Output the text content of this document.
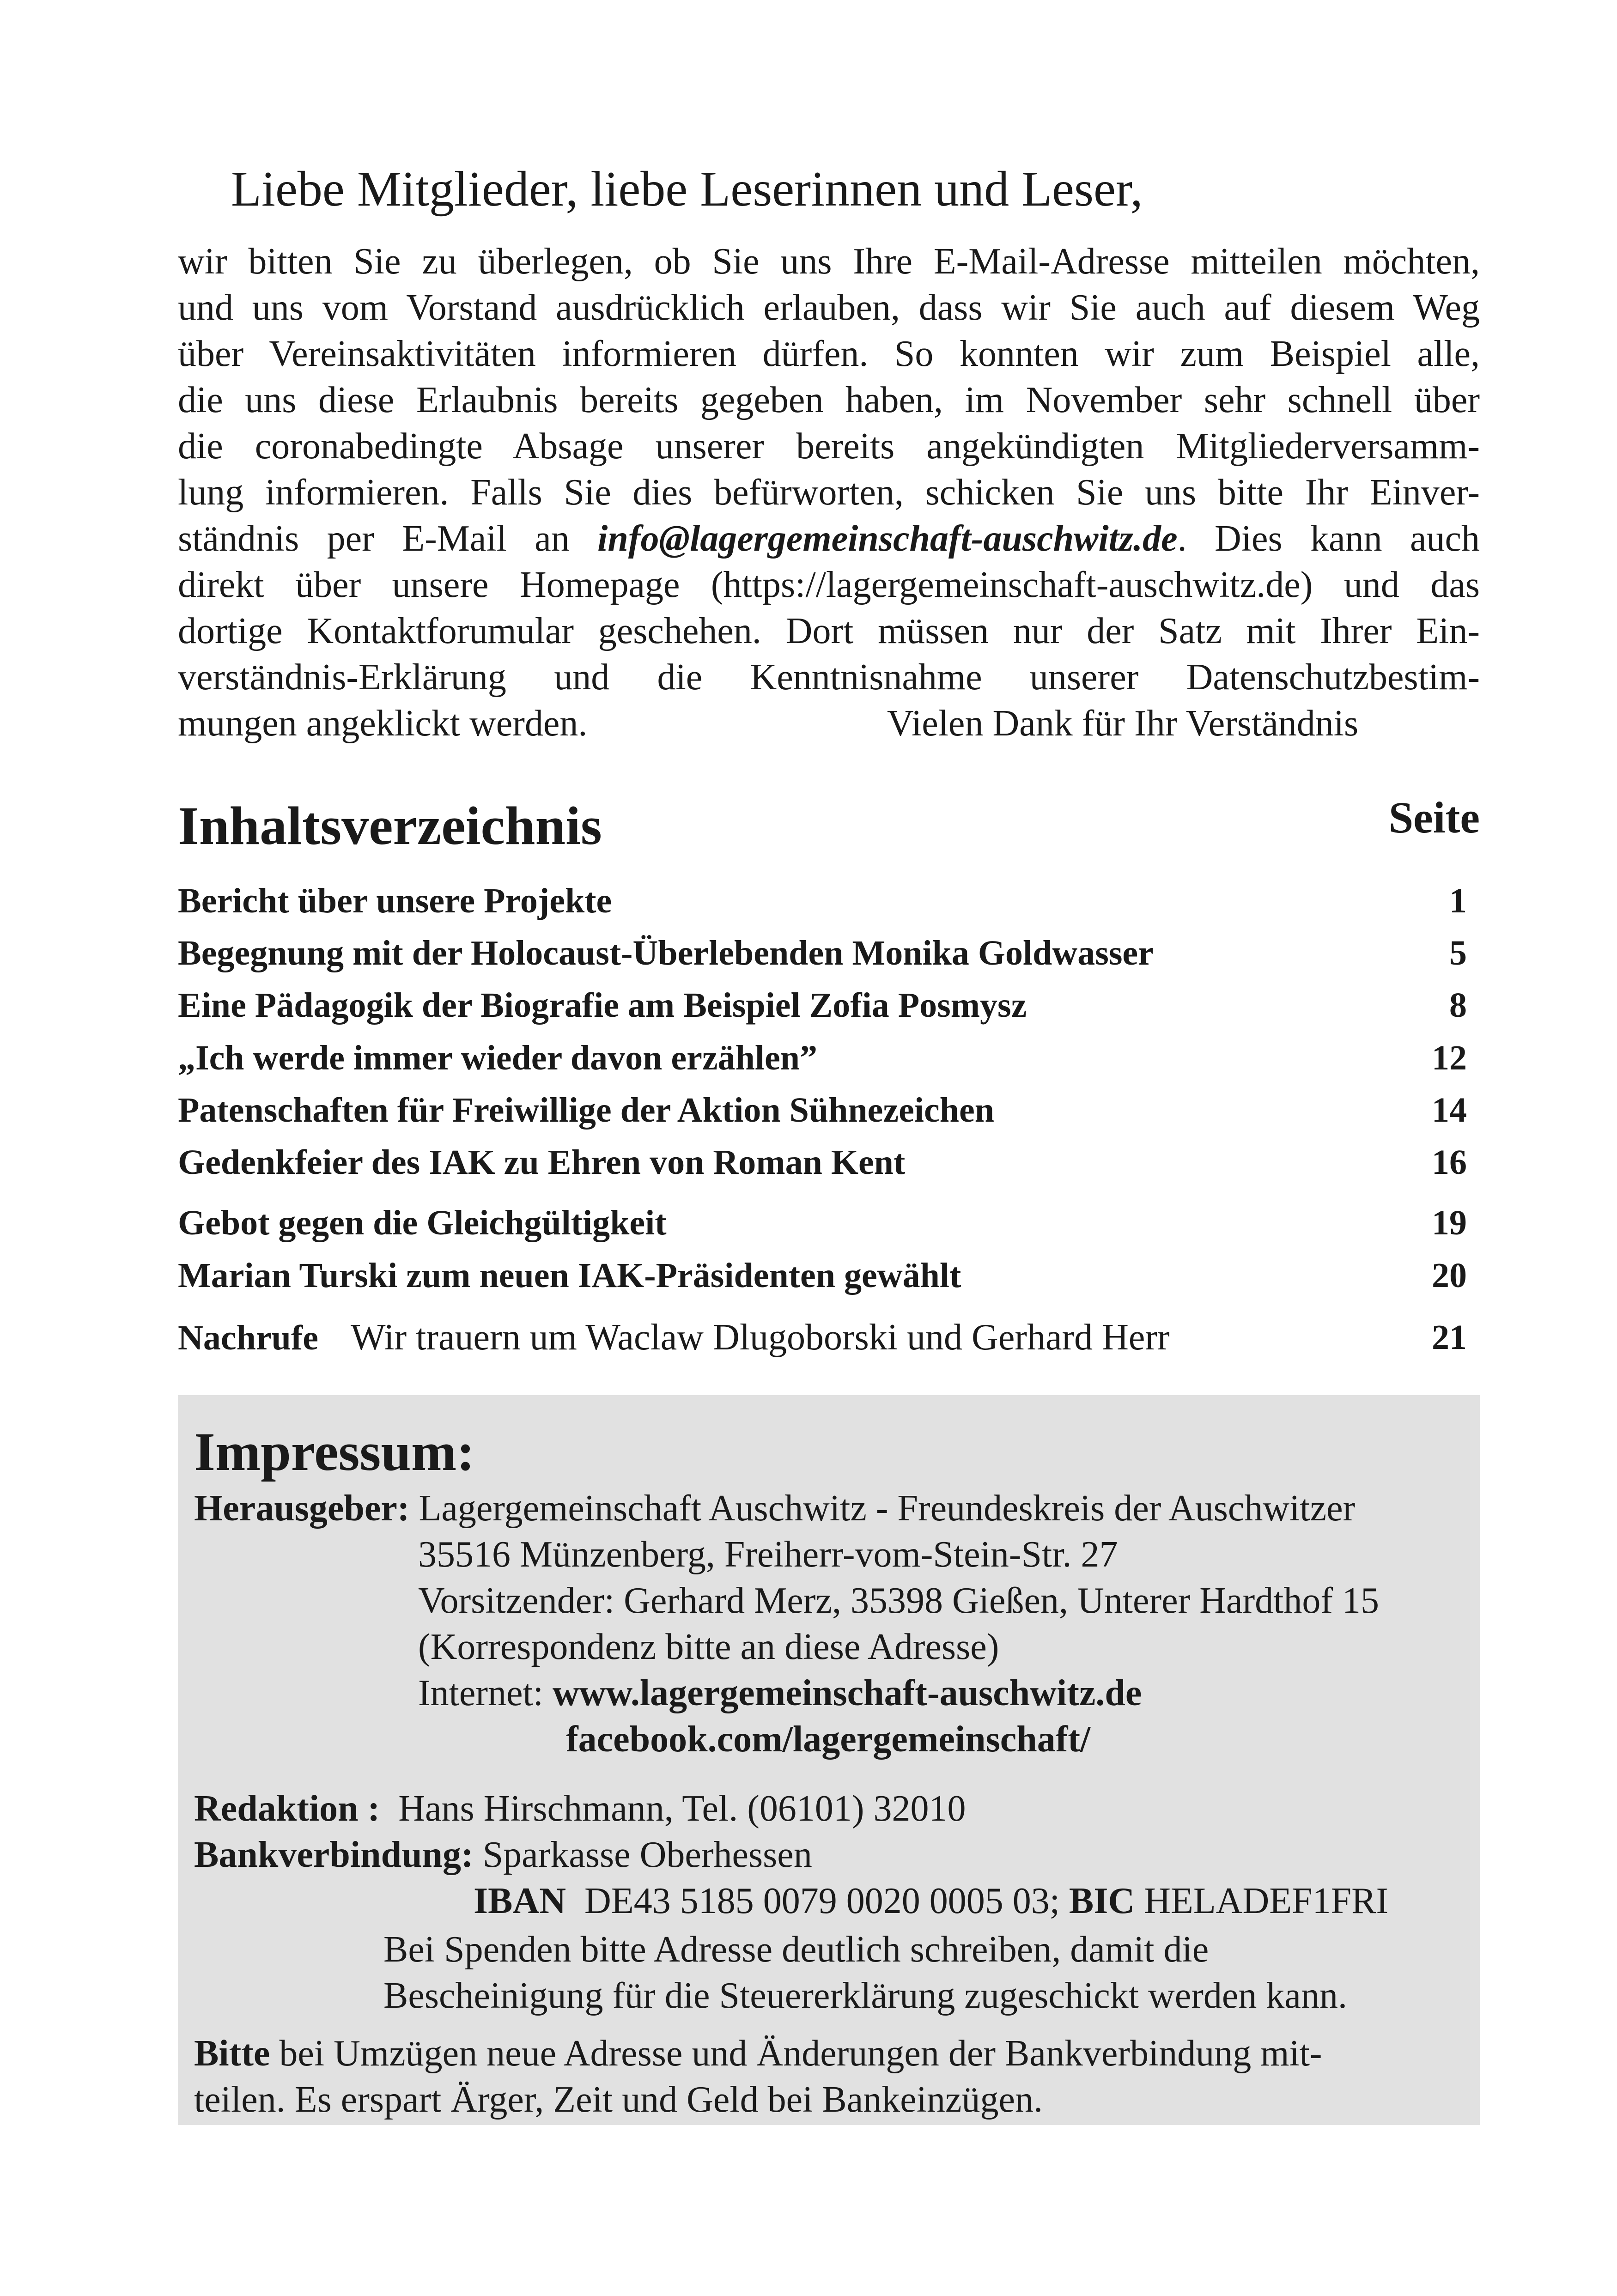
Liebe Mitglieder, liebe Leserinnen und Leser,
wir bitten Sie zu überlegen, ob Sie uns Ihre E-Mail-Adresse mitteilen möchten,
und uns vom Vorstand ausdrücklich erlauben, dass wir Sie auch auf diesem Weg
über Vereinsaktivitäten informieren dürfen. So konnten wir zum Beispiel alle,
die uns diese Erlaubnis bereits gegeben haben, im November sehr schnell über
die coronabedingte Absage unserer bereits angekündigten Mitgliederversamm-
lung informieren. Falls Sie dies befürworten, schicken Sie uns bitte Ihr Einver-
ständnis per E-Mail an info@lagergemeinschaft-auschwitz.de. Dies kann auch
direkt über unsere Homepage (https://lagergemeinschaft-auschwitz.de) und das
dortige Kontaktforumular geschehen. Dort müssen nur der Satz mit Ihrer Ein-
verständnis-Erklärung und die Kenntnisnahme unserer Datenschutzbestim-
mungen angeklickt werden.	Vielen Dank für Ihr Verständnis
Inhaltsverzeichnis	Seite
Bericht über unsere Projekte	1
Begegnung mit der Holocaust-Überlebenden Monika Goldwasser	5
Eine Pädagogik der Biografie am Beispiel Zofia Posmysz	8
„Ich werde immer wieder davon erzählen”	12
Patenschaften für Freiwillige der Aktion Sühnezeichen	14
Gedenkfeier des IAK zu Ehren von Roman Kent	16
Gebot gegen die Gleichgültigkeit	19
Marian Turski zum neuen IAK-Präsidenten gewählt	20
Nachrufe Wir trauern um Waclaw Dlugoborski und Gerhard Herr	21
Impressum:
Herausgeber: Lagergemeinschaft Auschwitz - Freundeskreis der Auschwitzer
35516 Münzenberg, Freiherr-vom-Stein-Str. 27
Vorsitzender: Gerhard Merz, 35398 Gießen, Unterer Hardthof 15
(Korrespondenz bitte an diese Adresse)
Internet: www.lagergemeinschaft-auschwitz.de
facebook.com/lagergemeinschaft/
Redaktion : Hans Hirschmann, Tel. (06101) 32010
Bankverbindung: Sparkasse Oberhessen
IBAN DE43 5185 0079 0020 0005 03; BIC HELADEF1FRI
Bei Spenden bitte Adresse deutlich schreiben, damit die
Bescheinigung für die Steuererklärung zugeschickt werden kann.
Bitte bei Umzügen neue Adresse und Änderungen der Bankverbindung mit-
teilen. Es erspart Ärger, Zeit und Geld bei Bankeinzügen.
